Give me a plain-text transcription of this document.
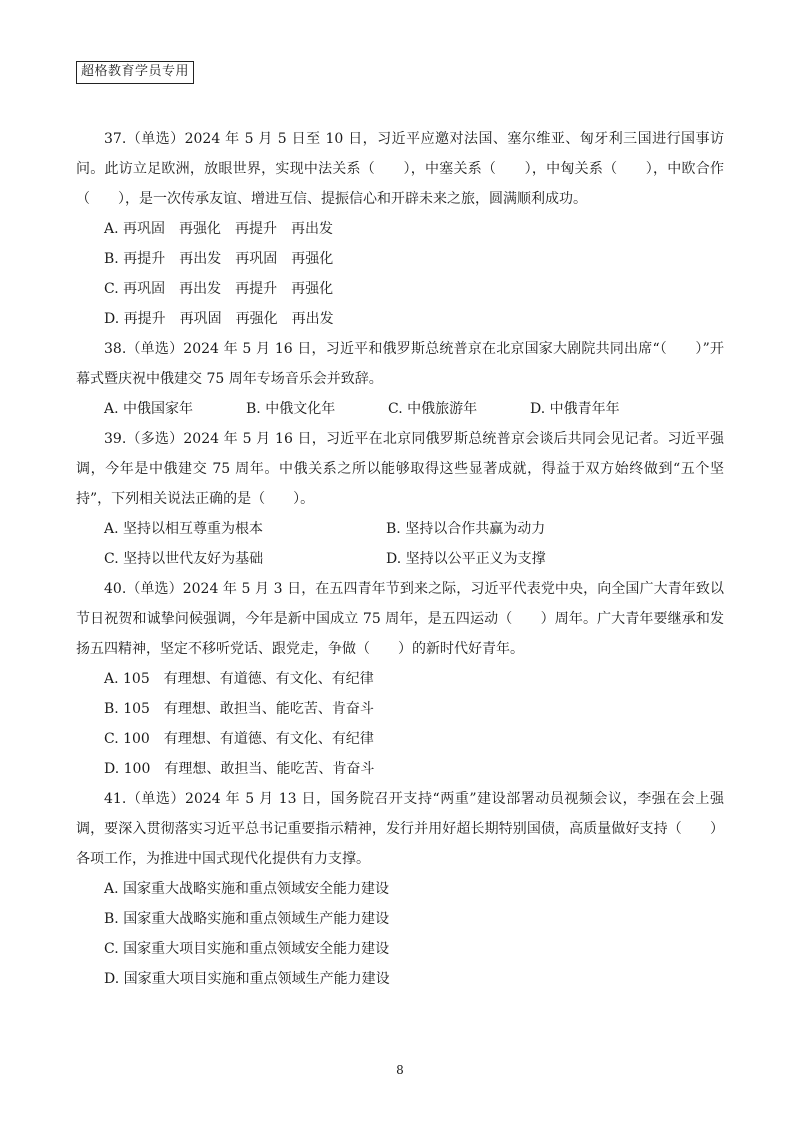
超格教育学员专用

37.（单选）2024 年 5 月 5 日至 10 日，习近平应邀对法国、塞尔维亚、匈牙利三国进行国事访问。此访立足欧洲，放眼世界，实现中法关系（　　），中塞关系（　　），中匈关系（　　），中欧合作（　　），是一次传承友谊、增进互信、提振信心和开辟未来之旅，圆满顺利成功。

A. 再巩固　再强化　再提升　再出发

B. 再提升　再出发　再巩固　再强化

C. 再巩固　再出发　再提升　再强化

D. 再提升　再巩固　再强化　再出发

38.（单选）2024 年 5 月 16 日，习近平和俄罗斯总统普京在北京国家大剧院共同出席“（　　）”开幕式暨庆祝中俄建交 75 周年专场音乐会并致辞。

A. 中俄国家年	B. 中俄文化年	C. 中俄旅游年	D. 中俄青年年

39.（多选）2024 年 5 月 16 日，习近平在北京同俄罗斯总统普京会谈后共同会见记者。习近平强调，今年是中俄建交 75 周年。中俄关系之所以能够取得这些显著成就，得益于双方始终做到“五个坚持”，下列相关说法正确的是（　　）。

A. 坚持以相互尊重为根本	B. 坚持以合作共赢为动力
C. 坚持以世代友好为基础	D. 坚持以公平正义为支撑

40.（单选）2024 年 5 月 3 日，在五四青年节到来之际，习近平代表党中央，向全国广大青年致以节日祝贺和诚挚问候强调，今年是新中国成立 75 周年，是五四运动（　　）周年。广大青年要继承和发扬五四精神，坚定不移听党话、跟党走，争做（　　）的新时代好青年。

A. 105　有理想、有道德、有文化、有纪律

B. 105　有理想、敢担当、能吃苦、肯奋斗

C. 100　有理想、有道德、有文化、有纪律

D. 100　有理想、敢担当、能吃苦、肯奋斗

41.（单选）2024 年 5 月 13 日，国务院召开支持“两重”建设部署动员视频会议，李强在会上强调，要深入贯彻落实习近平总书记重要指示精神，发行并用好超长期特别国债，高质量做好支持（　　）各项工作，为推进中国式现代化提供有力支撑。

A. 国家重大战略实施和重点领域安全能力建设

B. 国家重大战略实施和重点领域生产能力建设

C. 国家重大项目实施和重点领域安全能力建设

D. 国家重大项目实施和重点领域生产能力建设

8
